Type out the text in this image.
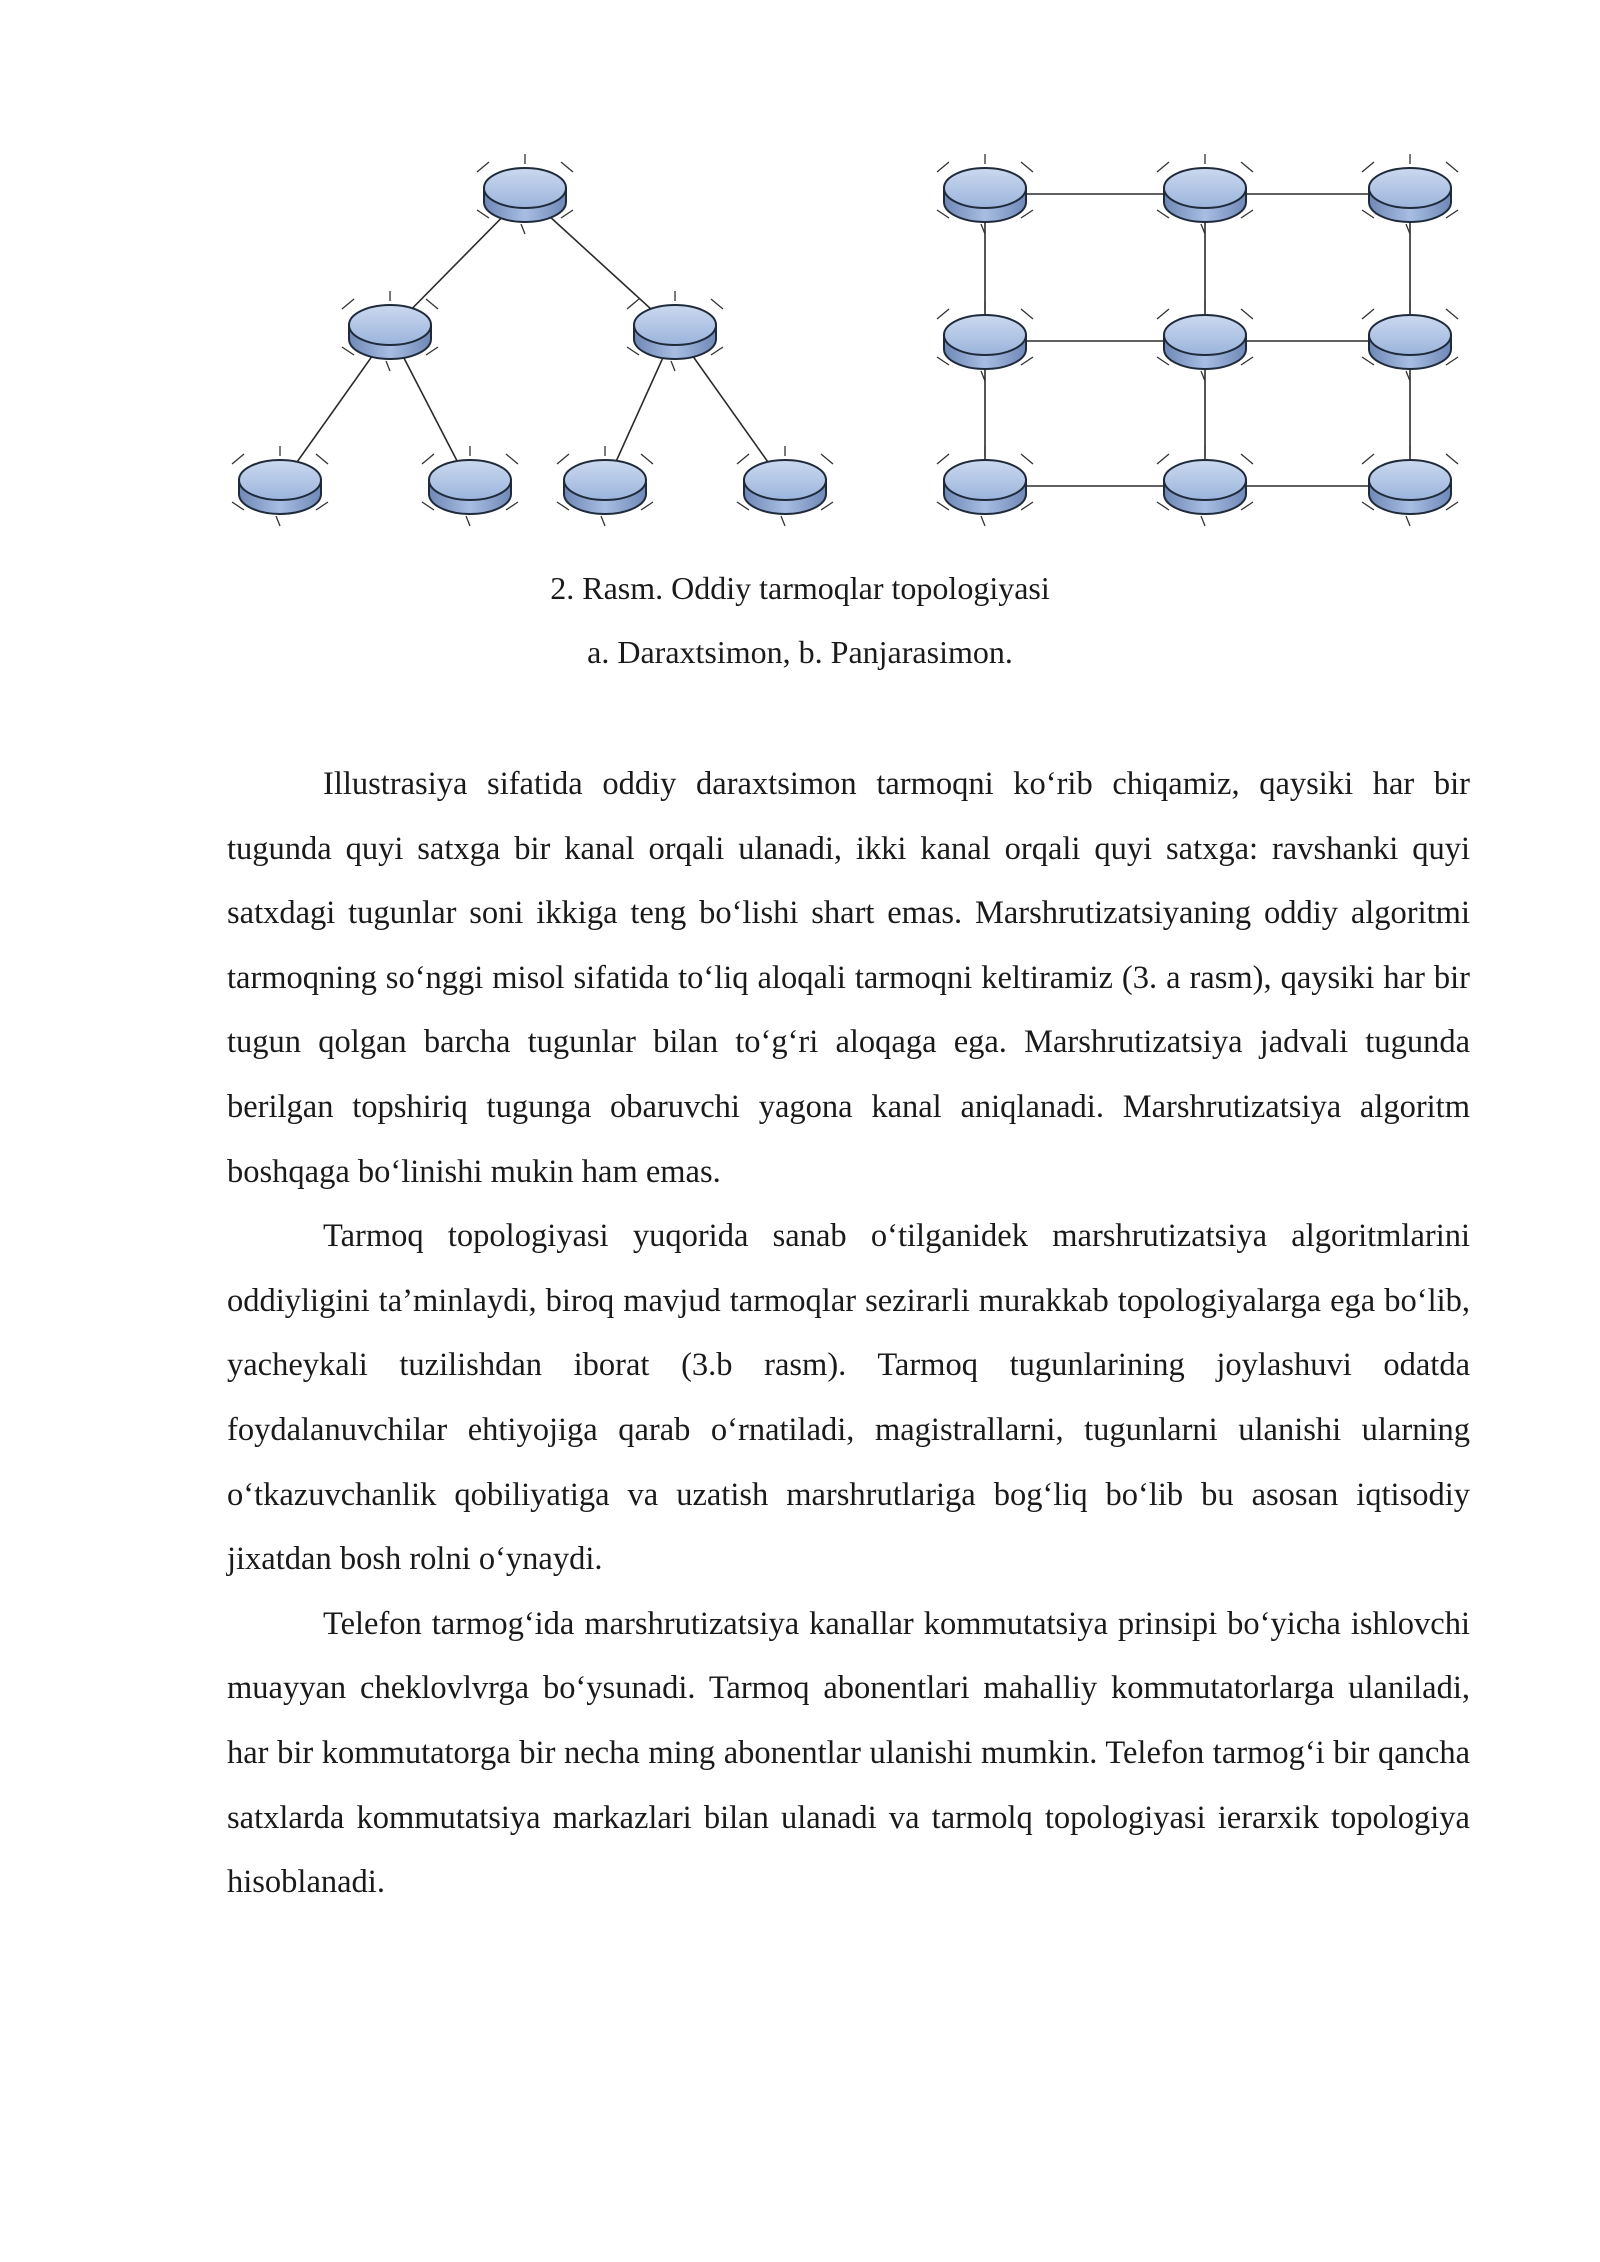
2. Rasm. Oddiy tarmoqlar topologiyasi
a. Daraxtsimon, b. Panjarasimon.

Illustrasiya sifatida oddiy daraxtsimon tarmoqni ko‘rib chiqamiz, qaysiki har bir tugunda quyi satxga bir kanal orqali ulanadi, ikki kanal orqali quyi satxga: ravshanki quyi satxdagi tugunlar soni ikkiga teng bo‘lishi shart emas. Marshrutizatsiyaning oddiy algoritmi tarmoqning so‘nggi misol sifatida to‘liq aloqali tarmoqni keltiramiz (3. a rasm), qaysiki har bir tugun qolgan barcha tugunlar bilan to‘g‘ri aloqaga ega. Marshrutizatsiya jadvali tugunda berilgan topshiriq tugunga obaruvchi yagona kanal aniqlanadi. Marshrutizatsiya algoritm boshqaga bo‘linishi mukin ham emas.

Tarmoq topologiyasi yuqorida sanab o‘tilganidek marshrutizatsiya algoritmlarini oddiyligini ta’minlaydi, biroq mavjud tarmoqlar sezirarli murakkab topologiyalarga ega bo‘lib, yacheykali tuzilishdan iborat (3.b rasm). Tarmoq tugunlarining joylashuvi odatda foydalanuvchilar ehtiyojiga qarab o‘rnatiladi, magistrallarni, tugunlarni ulanishi ularning o‘tkazuvchanlik qobiliyatiga va uzatish marshrutlariga bog‘liq bo‘lib bu asosan iqtisodiy jixatdan bosh rolni o‘ynaydi.

Telefon tarmog‘ida marshrutizatsiya kanallar kommutatsiya prinsipi bo‘yicha ishlovchi muayyan cheklovlvrga bo‘ysunadi. Tarmoq abonentlari mahalliy kommutatorlarga ulaniladi, har bir kommutatorga bir necha ming abonentlar ulanishi mumkin. Telefon tarmog‘i bir qancha satxlarda kommutatsiya markazlari bilan ulanadi va tarmolq topologiyasi ierarxik topologiya hisoblanadi.
